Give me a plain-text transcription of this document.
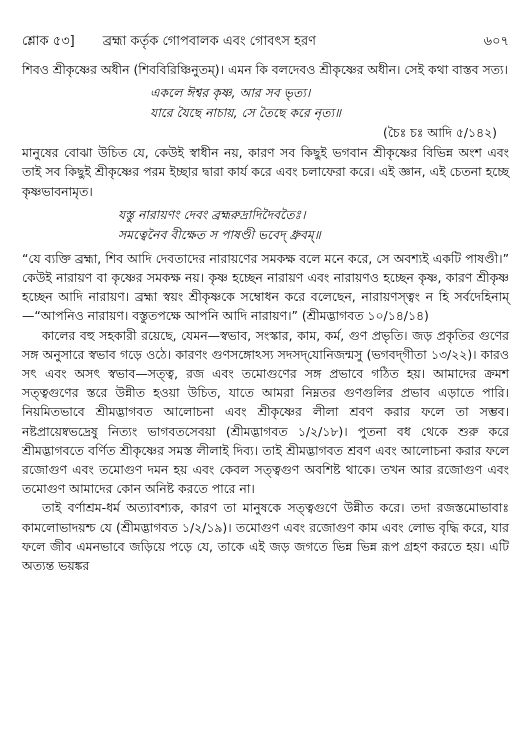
শ্লোক ৫৩] ব্রহ্মা কর্তৃক গোপবালক এবং গোবৎস হরণ	৬০৭

শিবও শ্রীকৃষ্ণের অধীন (শিববিরিঞ্চিনুতম্)। এমন কি বলদেবও শ্রীকৃষ্ণের অধীন। সেই কথা বাস্তব সত্য।

একলে ঈশ্বর কৃষ্ণ, আর সব ভৃত্য।

যারে যৈছে নাচায়, সে তৈছে করে নৃত্য॥

(চৈঃ চঃ আদি ৫/১৪২)

মানুষের বোঝা উচিত যে, কেউই স্বাধীন নয়, কারণ সব কিছুই ভগবান শ্রীকৃষ্ণের বিভিন্ন অংশ এবং তাই সব কিছুই শ্রীকৃষ্ণের পরম ইচ্ছার দ্বারা কার্য করে এবং চলাফেরা করে। এই জ্ঞান, এই চেতনা হচ্ছে কৃষ্ণভাবনামৃত।

যস্তু নারায়ণং দেবং ব্রহ্মরুদ্রাদিদৈবতৈঃ।

সমত্বেনৈব বীক্ষেত স পাষণ্ডী ভবেদ্ ধ্রুবম্॥

“যে ব্যক্তি ব্রহ্মা, শিব আদি দেবতাদের নারায়ণের সমকক্ষ বলে মনে করে, সে অবশ্যই একটি পাষণ্ডী।” কেউই নারায়ণ বা কৃষ্ণের সমকক্ষ নয়। কৃষ্ণ হচ্ছেন নারায়ণ এবং নারায়ণও হচ্ছেন কৃষ্ণ, কারণ শ্রীকৃষ্ণ হচ্ছেন আদি নারায়ণ। ব্রহ্মা স্বয়ং শ্রীকৃষ্ণকে সম্বোধন করে বলেছেন, নারায়ণস্ত্বং ন হি সর্বদেহিনাম্—“আপনিও নারায়ণ। বস্তুতপক্ষে আপনি আদি নারায়ণ।” (শ্রীমদ্ভাগবত ১০/১৪/১৪)

কালের বহু সহকারী রয়েছে, যেমন—স্বভাব, সংস্কার, কাম, কর্ম, গুণ প্রভৃতি। জড় প্রকৃতির গুণের সঙ্গ অনুসারে স্বভাব গড়ে ওঠে। কারণং গুণসঙ্গোঽস্য সদসদ্‌যোনিজন্মসু (ভগবদ্‌গীতা ১৩/২২)। কারও সৎ এবং অসৎ স্বভাব—সত্ত্ব, রজ এবং তমোগুণের সঙ্গ প্রভাবে গঠিত হয়। আমাদের ক্রমশ সত্ত্বগুণের স্তরে উন্নীত হওয়া উচিত, যাতে আমরা নিম্নতর গুণগুলির প্রভাব এড়াতে পারি। নিয়মিতভাবে শ্রীমদ্ভাগবত আলোচনা এবং শ্রীকৃষ্ণের লীলা শ্রবণ করার ফলে তা সম্ভব। নষ্টপ্রায়েষ্বভদ্রেষু নিত্যং ভাগবতসেবয়া (শ্রীমদ্ভাগবত ১/২/১৮)। পুতনা বধ থেকে শুরু করে শ্রীমদ্ভাগবতে বর্ণিত শ্রীকৃষ্ণের সমস্ত লীলাই দিব্য। তাই শ্রীমদ্ভাগবত শ্রবণ এবং আলোচনা করার ফলে রজোগুণ এবং তমোগুণ দমন হয় এবং কেবল সত্ত্বগুণ অবশিষ্ট থাকে। তখন আর রজোগুণ এবং তমোগুণ আমাদের কোন অনিষ্ট করতে পারে না।

তাই বর্ণাশ্রম-ধর্ম অত্যাবশ্যক, কারণ তা মানুষকে সত্ত্বগুণে উন্নীত করে। তদা রজস্তমোভাবাঃ কামলোভাদয়শ্চ যে (শ্রীমদ্ভাগবত ১/২/১৯)। তমোগুণ এবং রজোগুণ কাম এবং লোভ বৃদ্ধি করে, যার ফলে জীব এমনভাবে জড়িয়ে পড়ে যে, তাকে এই জড় জগতে ভিন্ন ভিন্ন রূপ গ্রহণ করতে হয়। এটি অত্যন্ত ভয়ঙ্কর
